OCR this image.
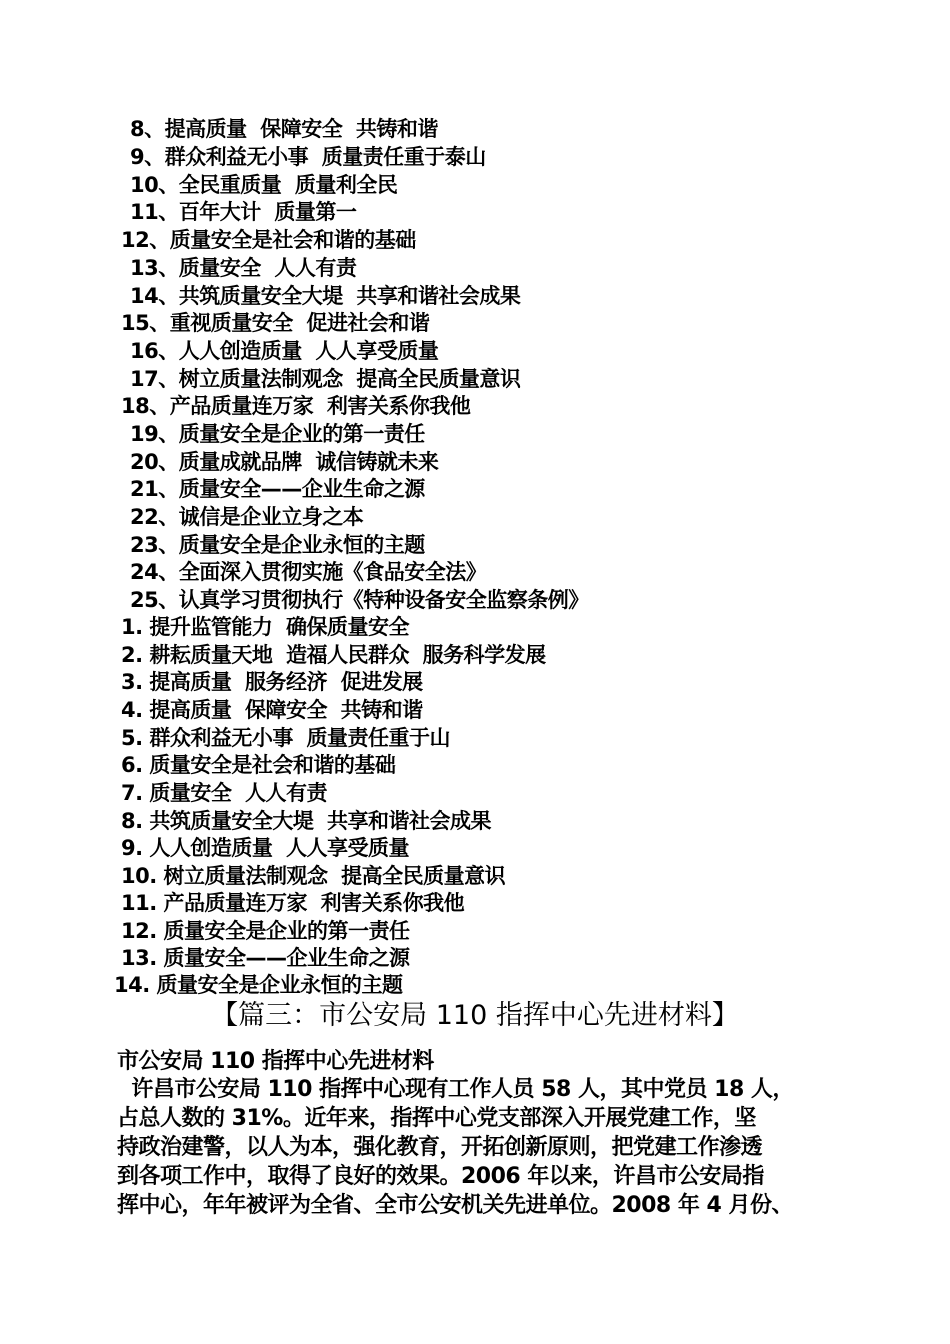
8、提高质量  保障安全  共铸和谐
9、群众利益无小事  质量责任重于泰山
10、全民重质量  质量利全民
11、百年大计  质量第一
12、质量安全是社会和谐的基础
13、质量安全  人人有责
14、共筑质量安全大堤  共享和谐社会成果
15、重视质量安全  促进社会和谐
16、人人创造质量  人人享受质量
17、树立质量法制观念  提高全民质量意识
18、产品质量连万家  利害关系你我他
19、质量安全是企业的第一责任
20、质量成就品牌  诚信铸就未来
21、质量安全——企业生命之源
22、诚信是企业立身之本
23、质量安全是企业永恒的主题
24、全面深入贯彻实施《食品安全法》
25、认真学习贯彻执行《特种设备安全监察条例》
1. 提升监管能力  确保质量安全
2. 耕耘质量天地  造福人民群众  服务科学发展
3. 提高质量  服务经济  促进发展
4. 提高质量  保障安全  共铸和谐
5. 群众利益无小事  质量责任重于山
6. 质量安全是社会和谐的基础
7. 质量安全  人人有责
8. 共筑质量安全大堤  共享和谐社会成果
9. 人人创造质量  人人享受质量
10. 树立质量法制观念  提高全民质量意识
11. 产品质量连万家  利害关系你我他
12. 质量安全是企业的第一责任
13. 质量安全——企业生命之源
14. 质量安全是企业永恒的主题
【篇三：市公安局 110 指挥中心先进材料】
市公安局 110 指挥中心先进材料
许昌市公安局 110 指挥中心现有工作人员 58 人，其中党员 18 人，
占总人数的 31%。近年来，指挥中心党支部深入开展党建工作，坚
持政治建警，以人为本，强化教育，开拓创新原则，把党建工作渗透
到各项工作中，取得了良好的效果。2006 年以来，许昌市公安局指
挥中心，年年被评为全省、全市公安机关先进单位。2008 年 4 月份、
